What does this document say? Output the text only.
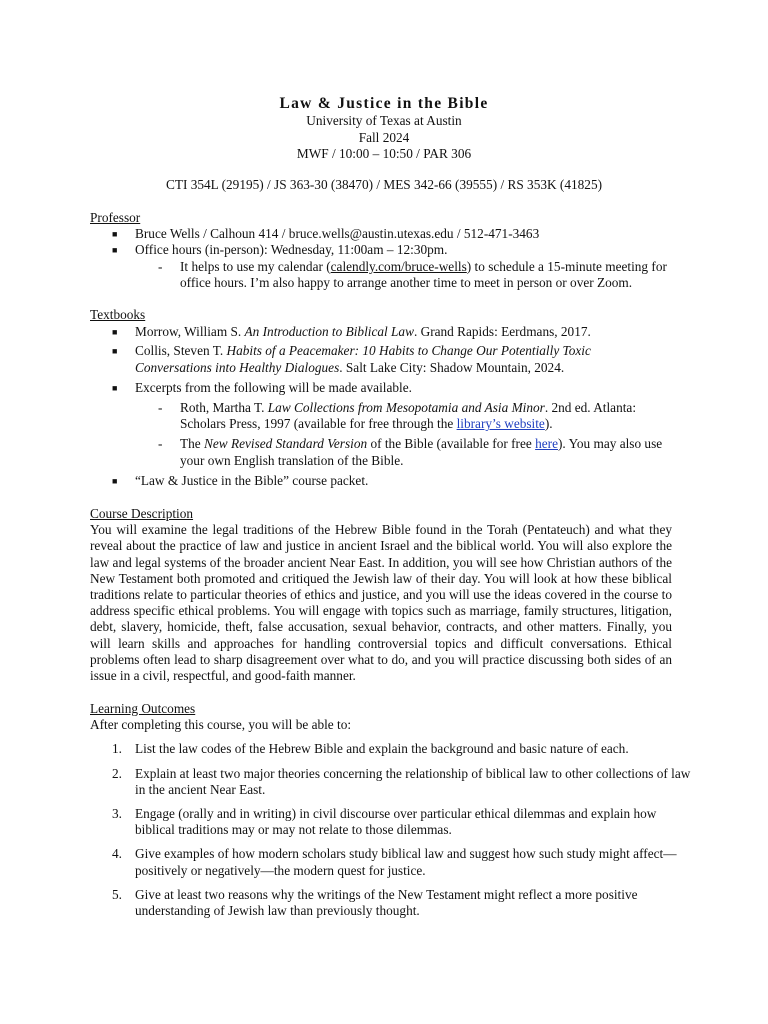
Law & Justice in the Bible
University of Texas at Austin
Fall 2024
MWF / 10:00 – 10:50 / PAR 306
CTI 354L (29195) / JS 363-30 (38470) / MES 342-66 (39555) / RS 353K (41825)
Professor
■ Bruce Wells / Calhoun 414 / bruce.wells@austin.utexas.edu / 512-471-3463
■ Office hours (in-person): Wednesday, 11:00am – 12:30pm.
- It helps to use my calendar (calendly.com/bruce-wells) to schedule a 15-minute meeting for office hours. I’m also happy to arrange another time to meet in person or over Zoom.
Textbooks
■ Morrow, William S. An Introduction to Biblical Law. Grand Rapids: Eerdmans, 2017.
■ Collis, Steven T. Habits of a Peacemaker: 10 Habits to Change Our Potentially Toxic Conversations into Healthy Dialogues. Salt Lake City: Shadow Mountain, 2024.
■ Excerpts from the following will be made available.
- Roth, Martha T. Law Collections from Mesopotamia and Asia Minor. 2nd ed. Atlanta: Scholars Press, 1997 (available for free through the library’s website).
- The New Revised Standard Version of the Bible (available for free here). You may also use your own English translation of the Bible.
■ “Law & Justice in the Bible” course packet.
Course Description
You will examine the legal traditions of the Hebrew Bible found in the Torah (Pentateuch) and what they reveal about the practice of law and justice in ancient Israel and the biblical world. You will also explore the law and legal systems of the broader ancient Near East. In addition, you will see how Christian authors of the New Testament both promoted and critiqued the Jewish law of their day. You will look at how these biblical traditions relate to particular theories of ethics and justice, and you will use the ideas covered in the course to address specific ethical problems. You will engage with topics such as marriage, family structures, litigation, debt, slavery, homicide, theft, false accusation, sexual behavior, contracts, and other matters. Finally, you will learn skills and approaches for handling controversial topics and difficult conversations. Ethical problems often lead to sharp disagreement over what to do, and you will practice discussing both sides of an issue in a civil, respectful, and good-faith manner.
Learning Outcomes
After completing this course, you will be able to:
1. List the law codes of the Hebrew Bible and explain the background and basic nature of each.
2. Explain at least two major theories concerning the relationship of biblical law to other collections of law in the ancient Near East.
3. Engage (orally and in writing) in civil discourse over particular ethical dilemmas and explain how biblical traditions may or may not relate to those dilemmas.
4. Give examples of how modern scholars study biblical law and suggest how such study might affect—positively or negatively—the modern quest for justice.
5. Give at least two reasons why the writings of the New Testament might reflect a more positive understanding of Jewish law than previously thought.
